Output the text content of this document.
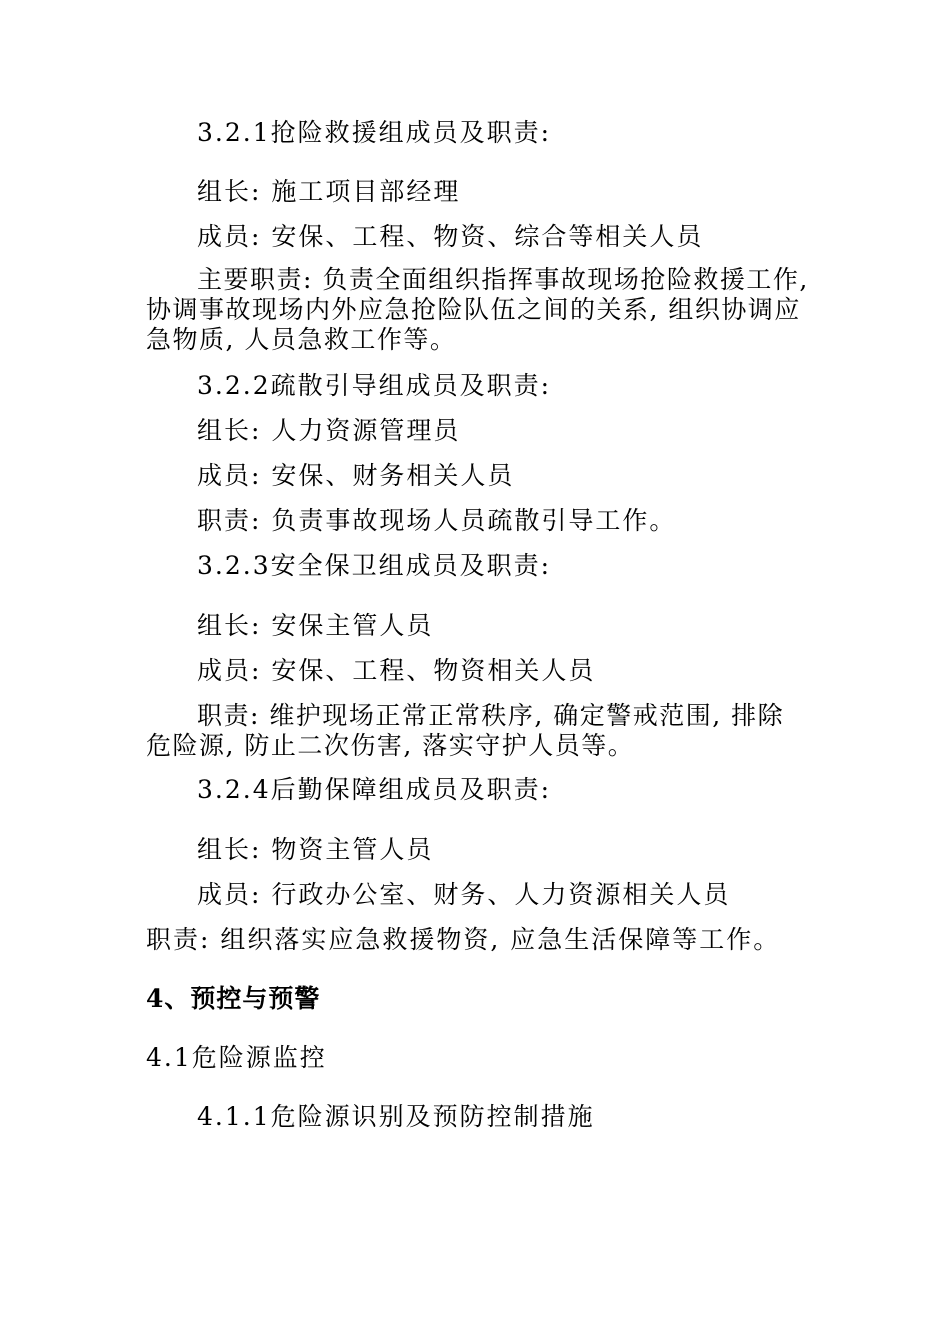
3.2.1抢险救援组成员及职责:

组长: 施工项目部经理

成员: 安保、工程、物资、综合等相关人员

主要职责: 负责全面组织指挥事故现场抢险救援工作,
协调事故现场内外应急抢险队伍之间的关系, 组织协调应
急物质, 人员急救工作等。

3.2.2疏散引导组成员及职责:

组长: 人力资源管理员

成员: 安保、财务相关人员

职责: 负责事故现场人员疏散引导工作。

3.2.3安全保卫组成员及职责:

组长: 安保主管人员

成员: 安保、工程、物资相关人员

职责: 维护现场正常正常秩序, 确定警戒范围, 排除
危险源, 防止二次伤害, 落实守护人员等。

3.2.4后勤保障组成员及职责:

组长: 物资主管人员

成员: 行政办公室、财务、人力资源相关人员

职责: 组织落实应急救援物资, 应急生活保障等工作。

4、预控与预警

4.1危险源监控

4.1.1危险源识别及预防控制措施
